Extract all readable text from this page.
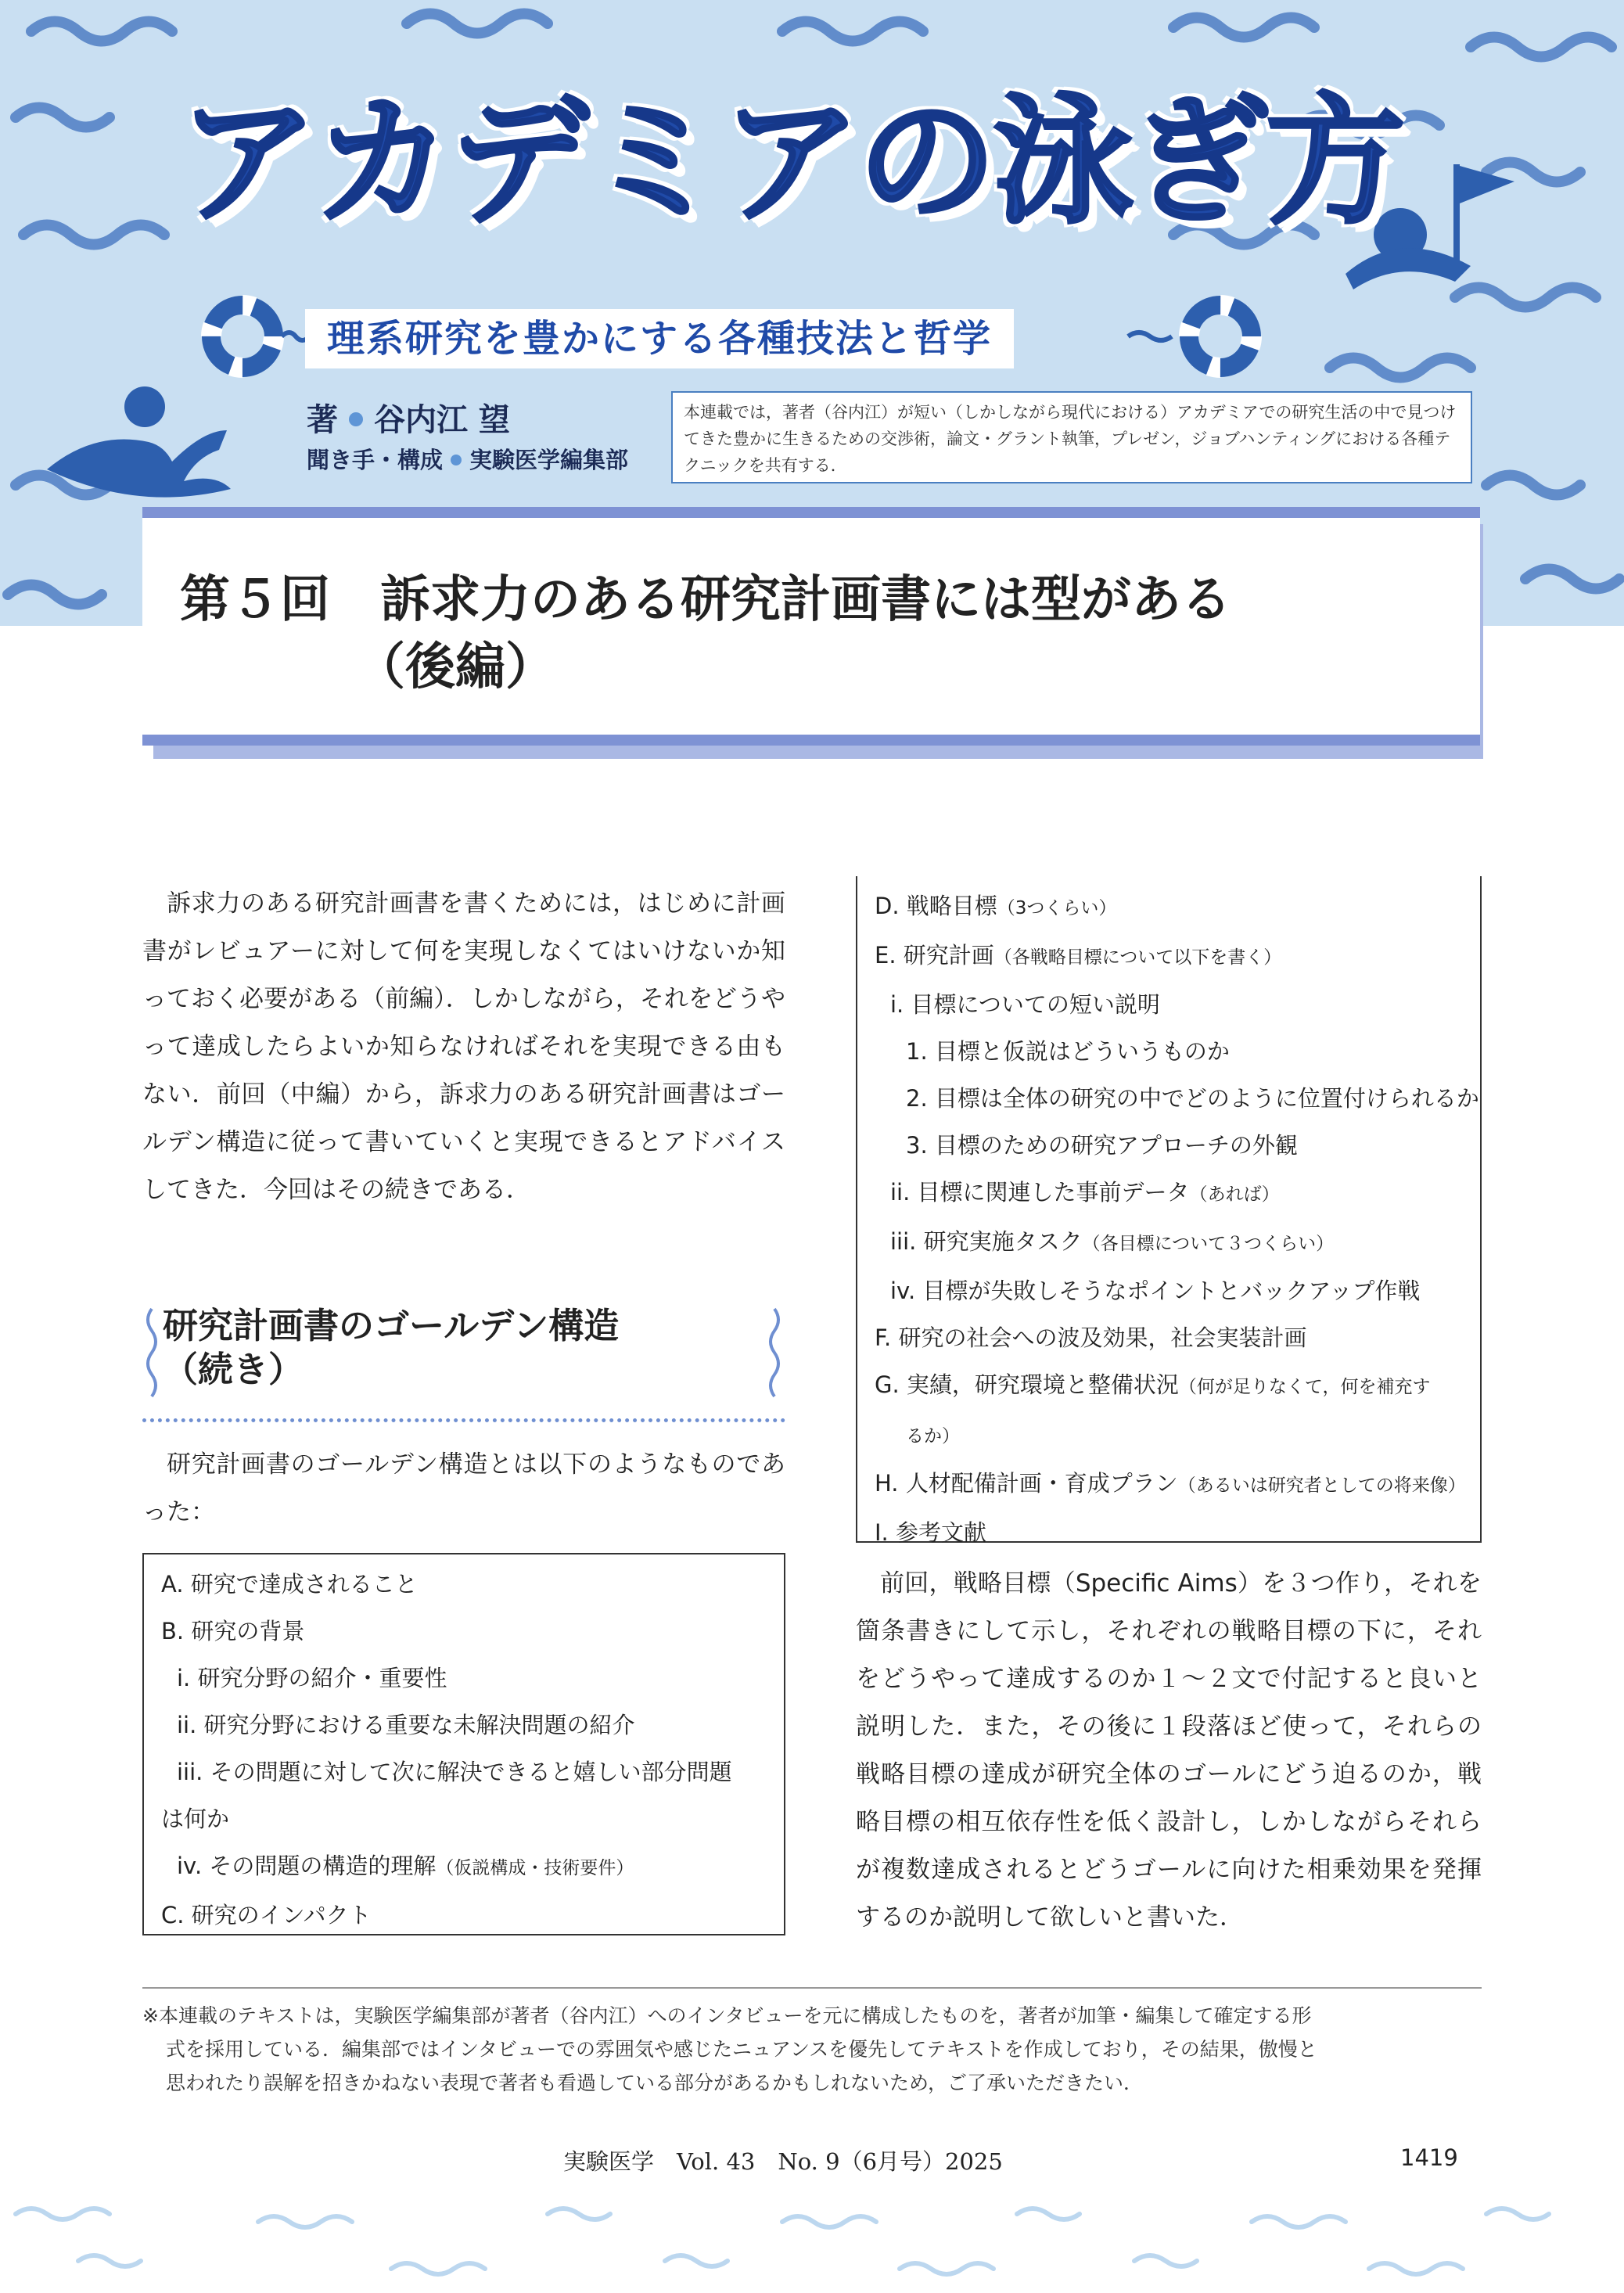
アカデミアの泳ぎ方
理系研究を豊かにする各種技法と哲学
著 谷内江 望
聞き手・構成 実験医学編集部
本連載では，著者（谷内江）が短い（しかしながら現代における）アカデミアでの研究生活の中で見つけてきた豊かに生きるための交渉術，論文・グラント執筆，プレゼン，ジョブハンティングにおける各種テクニックを共有する．
第５回　訴求力のある研究計画書には型がある
　　　　（後編）

訴求力のある研究計画書を書くためには，はじめに計画書がレビュアーに対して何を実現しなくてはいけないか知っておく必要がある（前編）．しかしながら，それをどうやって達成したらよいか知らなければそれを実現できる由もない．前回（中編）から，訴求力のある研究計画書はゴールデン構造に従って書いていくと実現できるとアドバイスしてきた．今回はその続きである．

研究計画書のゴールデン構造
（続き）

研究計画書のゴールデン構造とは以下のようなものであった：

A. 研究で達成されること
B. 研究の背景
i. 研究分野の紹介・重要性
ii. 研究分野における重要な未解決問題の紹介
iii. その問題に対して次に解決できると嬉しい部分問題
は何か
iv. その問題の構造的理解（仮説構成・技術要件）
C. 研究のインパクト
D. 戦略目標（3つくらい）
E. 研究計画（各戦略目標について以下を書く）
i. 目標についての短い説明
1. 目標と仮説はどういうものか
2. 目標は全体の研究の中でどのように位置付けられるか
3. 目標のための研究アプローチの外観
ii. 目標に関連した事前データ（あれば）
iii. 研究実施タスク（各目標について３つくらい）
iv. 目標が失敗しそうなポイントとバックアップ作戦
F. 研究の社会への波及効果，社会実装計画
G. 実績，研究環境と整備状況（何が足りなくて，何を補充す
るか）
H. 人材配備計画・育成プラン（あるいは研究者としての将来像）
I. 参考文献

前回，戦略目標（Specific Aims）を３つ作り，それを箇条書きにして示し，それぞれの戦略目標の下に，それをどうやって達成するのか１〜２文で付記すると良いと説明した．また，その後に１段落ほど使って，それらの戦略目標の達成が研究全体のゴールにどう迫るのか，戦略目標の相互依存性を低く設計し，しかしながらそれらが複数達成されるとどうゴールに向けた相乗効果を発揮するのか説明して欲しいと書いた．

※本連載のテキストは，実験医学編集部が著者（谷内江）へのインタビューを元に構成したものを，著者が加筆・編集して確定する形
式を採用している．編集部ではインタビューでの雰囲気や感じたニュアンスを優先してテキストを作成しており，その結果，傲慢と
思われたり誤解を招きかねない表現で著者も看過している部分があるかもしれないため，ご了承いただきたい．
実験医学　Vol. 43　No. 9（6月号）2025	1419
